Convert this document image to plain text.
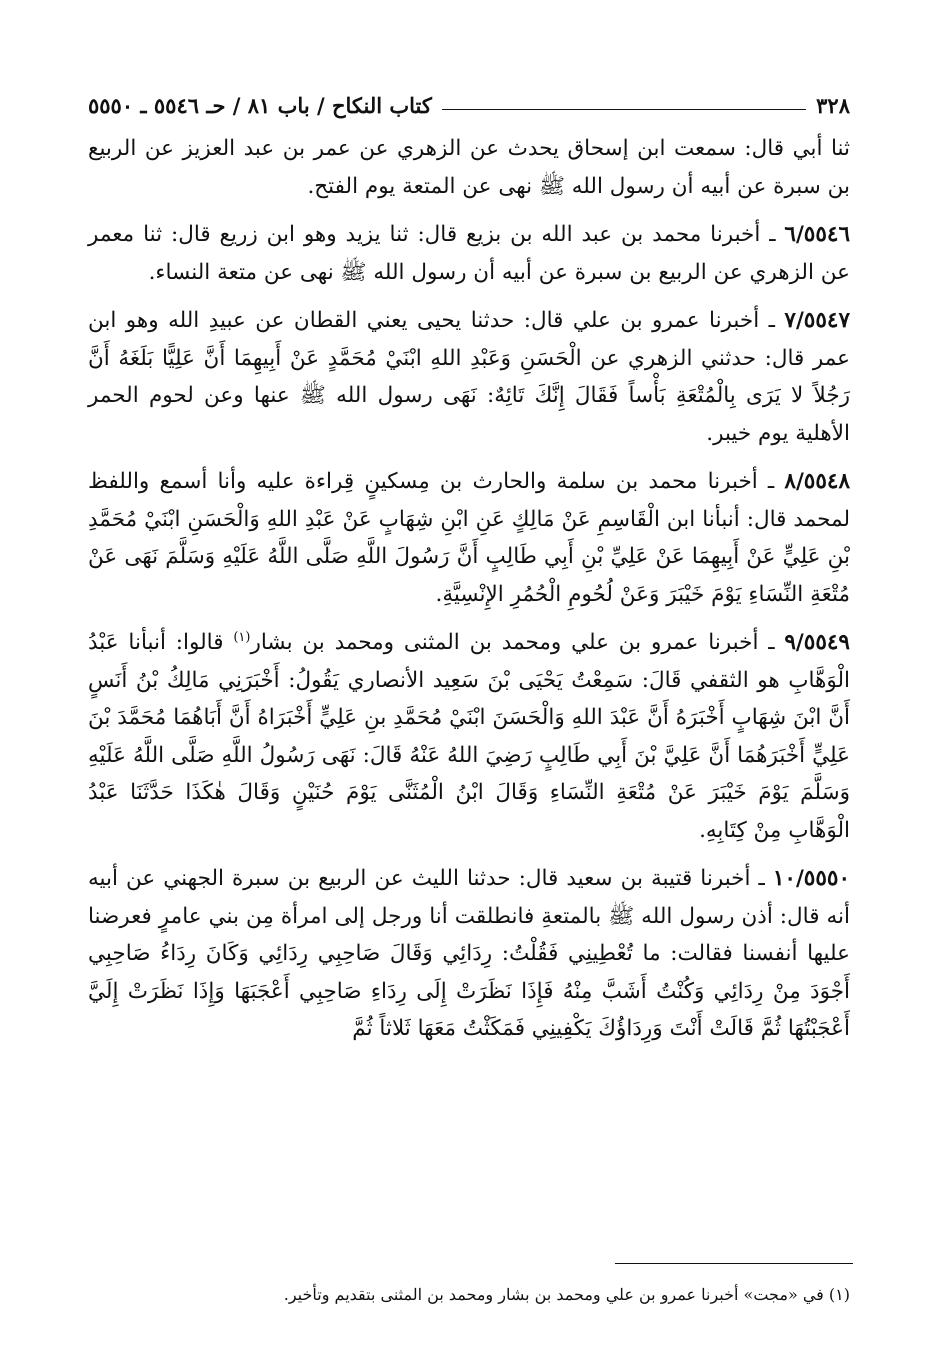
٣٢٨
كتاب النكاح / باب ٨١ / حـ ٥٥٤٦ ـ ٥٥٥٠

ثنا أبي قال: سمعت ابن إسحاق يحدث عن الزهري عن عمر بن عبد العزيز عن الربيع بن سبرة عن أبيه أن رسول الله ﷺ نهى عن المتعة يوم الفتح.

٦/٥٥٤٦ ـ أخبرنا محمد بن عبد الله بن بزيع قال: ثنا يزيد وهو ابن زريع قال: ثنا معمر عن الزهري عن الربيع بن سبرة عن أبيه أن رسول الله ﷺ نهى عن متعة النساء.

٧/٥٥٤٧ ـ أخبرنا عمرو بن علي قال: حدثنا يحيى يعني القطان عن عبيدِ الله وهو ابن عمر قال: حدثني الزهري عن الْحَسَنِ وَعَبْدِ اللهِ ابْنَيْ مُحَمَّدٍ عَنْ أَبِيهِمَا أَنَّ عَلِيًّا بَلَغَهُ أَنَّ رَجُلاً لا يَرَى بِالْمُتْعَةِ بَأْساً فَقَالَ إِنَّكَ تَائِهٌ: نَهَى رسول الله ﷺ عنها وعن لحوم الحمر الأهلية يوم خيبر.

٨/٥٥٤٨ ـ أخبرنا محمد بن سلمة والحارث بن مِسكينٍ قِراءة عليه وأنا أسمع واللفظ لمحمد قال: أنبأنا ابن الْقَاسِمِ عَنْ مَالِكٍ عَنِ ابْنِ شِهَابٍ عَنْ عَبْدِ اللهِ وَالْحَسَنِ ابْنَيْ مُحَمَّدِ بْنِ عَلِيٍّ عَنْ أَبِيهِمَا عَنْ عَلِيِّ بْنِ أَبِي طَالِبٍ أَنَّ رَسُولَ اللَّهِ صَلَّى اللَّهُ عَلَيْهِ وَسَلَّمَ نَهَى عَنْ مُتْعَةِ النِّسَاءِ يَوْمَ خَيْبَرَ وَعَنْ لُحُومِ الْحُمُرِ الإِنْسِيَّةِ.

٩/٥٥٤٩ ـ أخبرنا عمرو بن علي ومحمد بن المثنى ومحمد بن بشار$^{(١)}$ قالوا: أنبأنا عَبْدُ الْوَهَّابِ هو الثقفي قَالَ: سَمِعْتُ يَحْيَى بْنَ سَعِيد الأنصاري يَقُولُ: أَخْبَرَنِي مَالِكُ بْنُ أَنَسٍ أَنَّ ابْنَ شِهَابٍ أَخْبَرَهُ أَنَّ عَبْدَ اللهِ وَالْحَسَنَ ابْنَيْ مُحَمَّدِ بنِ عَلِيٍّ أَخْبَرَاهُ أَنَّ أَبَاهُمَا مُحَمَّدَ بْنَ عَلِيٍّ أَخْبَرَهُمَا أَنَّ عَلِيَّ بْنَ أَبِي طَالِبٍ رَضِيَ اللهُ عَنْهُ قَالَ: نَهَى رَسُولُ اللَّهِ صَلَّى اللَّهُ عَلَيْهِ وَسَلَّمَ يَوْمَ خَيْبَرَ عَنْ مُتْعَةِ النِّسَاءِ وَقَالَ ابْنُ الْمُثَنَّى يَوْمَ حُنَيْنٍ وَقَالَ هٰكَذَا حَدَّثَنَا عَبْدُ الْوَهَّابِ مِنْ كِتَابِهِ.

١٠/٥٥٥٠ ـ أخبرنا قتيبة بن سعيد قال: حدثنا الليث عن الربيع بن سبرة الجهني عن أبيه أنه قال: أذن رسول الله ﷺ بالمتعةِ فانطلقت أنا ورجل إلى امرأة مِن بني عامرٍ فعرضنا عليها أنفسنا فقالت: ما تُعْطِينِي فَقُلْتُ: رِدَائِي وَقَالَ صَاحِبِي رِدَائِي وَكَانَ رِدَاءُ صَاحِبِي أَجْوَدَ مِنْ رِدَائِي وَكُنْتُ أَشَبَّ مِنْهُ فَإِذَا نَظَرَتْ إِلَى رِدَاءِ صَاحِبِي أَعْجَبَهَا وَإِذَا نَظَرَتْ إِلَيَّ أَعْجَبْتُهَا ثُمَّ قَالَتْ أَنْتَ وَرِدَاؤُكَ يَكْفِينِي فَمَكَثْتُ مَعَهَا ثَلاثاً ثُمَّ

(١) في «مجت» أخبرنا عمرو بن علي ومحمد بن بشار ومحمد بن المثنى بتقديم وتأخير.
